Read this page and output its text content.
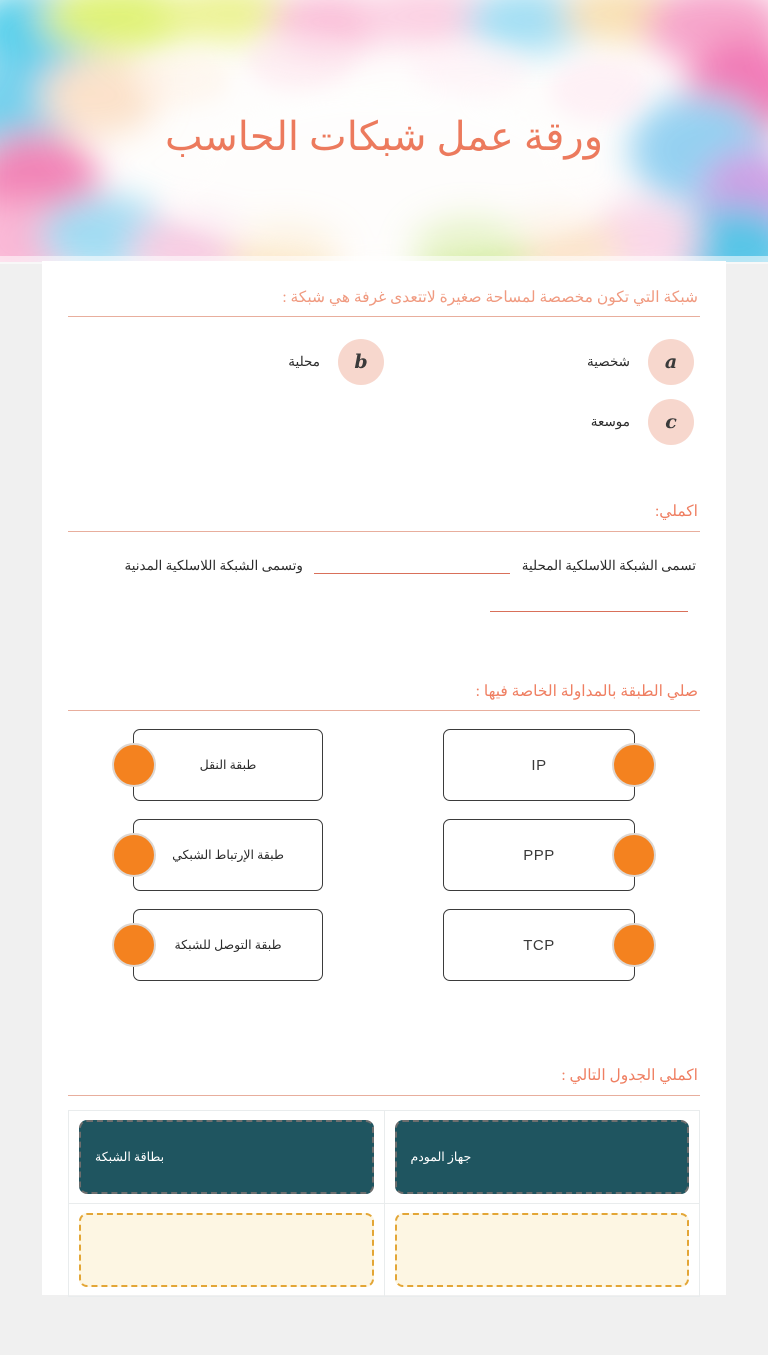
ورقة عمل شبكات الحاسب
شبكة التي تكون مخصصة لمساحة صغيرة لاتتعدى غرفة هي شبكة :
a
شخصية
b
محلية
c
موسعة
اكملي:
تسمى الشبكة اللاسلكية المحلية  وتسمى الشبكة اللاسلكية المدنية
صلي الطبقة بالمداولة الخاصة فيها :
طبقة النقل	IP
طبقة الإرتباط الشبكي	PPP
طبقة التوصل للشبكة	TCP
اكملي الجدول التالي :
جهاز المودم	بطاقة الشبكة
